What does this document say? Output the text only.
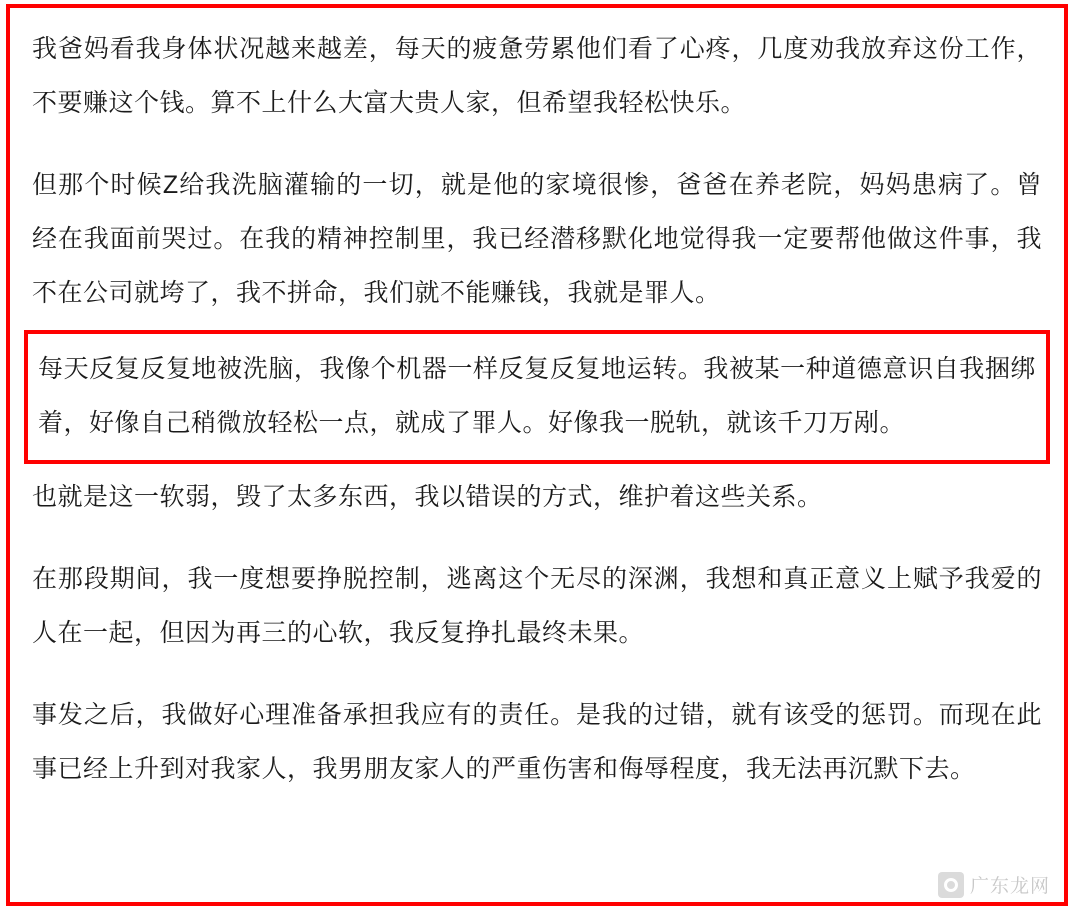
我爸妈看我身体状况越来越差，每天的疲惫劳累他们看了心疼，几度劝我放弃这份工作，不要赚这个钱。算不上什么大富大贵人家，但希望我轻松快乐。

但那个时候Z给我洗脑灌输的一切，就是他的家境很惨，爸爸在养老院，妈妈患病了。曾经在我面前哭过。在我的精神控制里，我已经潜移默化地觉得我一定要帮他做这件事，我不在公司就垮了，我不拼命，我们就不能赚钱，我就是罪人。

每天反复反复地被洗脑，我像个机器一样反复反复地运转。我被某一种道德意识自我捆绑着，好像自己稍微放轻松一点，就成了罪人。好像我一脱轨，就该千刀万剐。

也就是这一软弱，毁了太多东西，我以错误的方式，维护着这些关系。

在那段期间，我一度想要挣脱控制，逃离这个无尽的深渊，我想和真正意义上赋予我爱的人在一起，但因为再三的心软，我反复挣扎最终未果。

事发之后，我做好心理准备承担我应有的责任。是我的过错，就有该受的惩罚。而现在此事已经上升到对我家人，我男朋友家人的严重伤害和侮辱程度，我无法再沉默下去。

广东龙网
